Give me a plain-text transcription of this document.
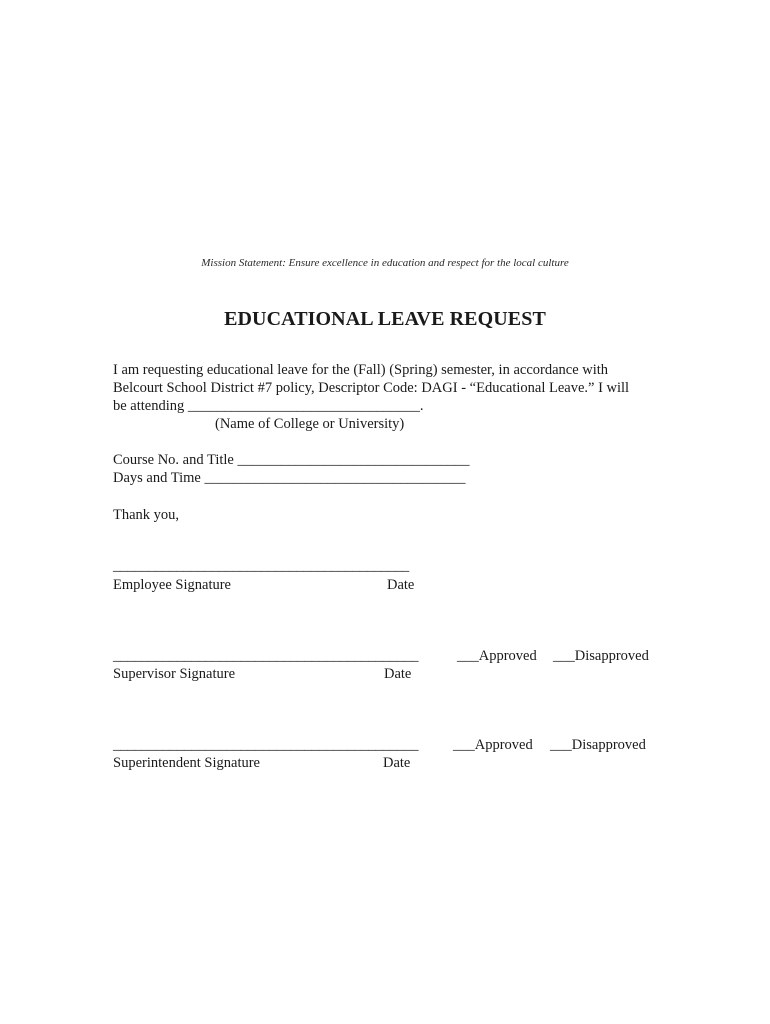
Mission Statement: Ensure excellence in education and respect for the local culture
EDUCATIONAL LEAVE REQUEST
I am requesting educational leave for the (Fall) (Spring) semester, in accordance with
Belcourt School District #7 policy, Descriptor Code: DAGI - “Educational Leave.” I will
be attending ________________________________.
(Name of College or University)
Course No. and Title ________________________________
Days and Time ____________________________________
Thank you,
__________________________________________
Employee Signature	Date
___________________________________________	___Approved ___Disapproved
Supervisor Signature	Date
___________________________________________ ___Approved ___Disapproved
Superintendent Signature	Date
